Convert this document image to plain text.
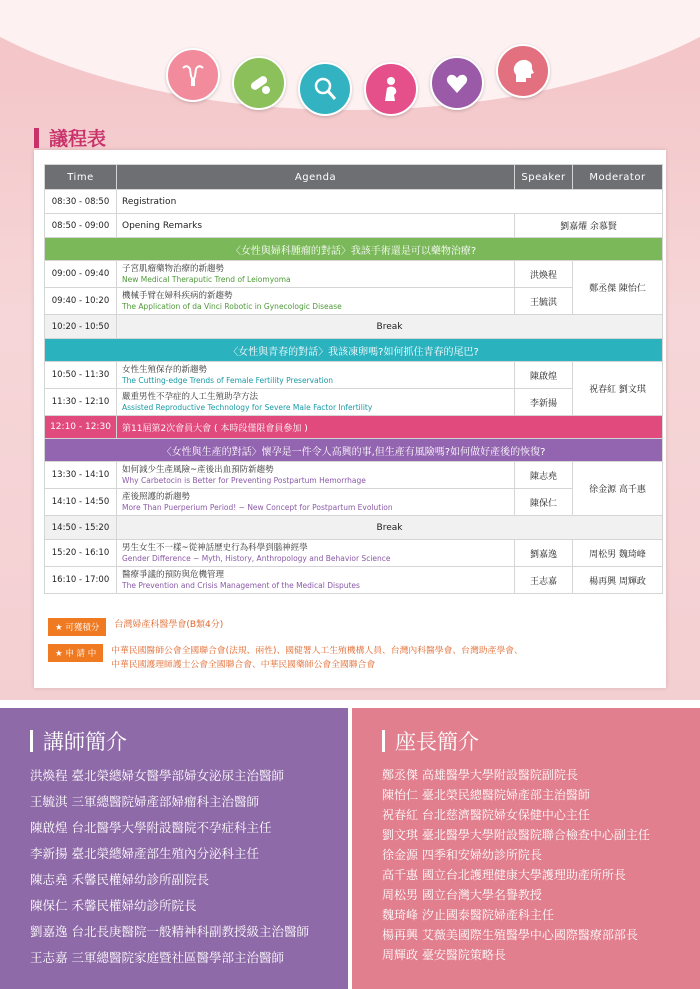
議程表
Time	Agenda	Speaker	Moderator
08:30 - 08:50	Registration		
08:50 - 09:00	Opening Remarks	劉嘉燿 余慕賢	
〈女性與婦科腫瘤的對話〉我該手術還是可以藥物治療?			
09:00 - 09:40	子宮肌瘤藥物治療的新趨勢
New Medical Theraputic Trend of Leiomyoma	洪煥程	鄭丞傑 陳怡仁
09:40 - 10:20	機械手臂在婦科疾病的新趨勢
The Application of da Vinci Robotic in Gynecologic Disease	王毓淇	
10:20 - 10:50	Break		
〈女性與青春的對話〉我該凍卵嗎?如何抓住青春的尾巴?			
10:50 - 11:30	女性生殖保存的新趨勢
The Cutting-edge Trends of Female Fertility Preservation	陳啟煌	祝春紅 劉文琪
11:30 - 12:10	嚴重男性不孕症的人工生殖助孕方法
Assisted Reproductive Technology for Severe Male Factor Infertility	李新揚	
12:10 - 12:30	第11屆第2次會員大會 ( 本時段僅限會員參加 )		
〈女性與生產的對話〉懷孕是一件令人高興的事,但生產有風險嗎?如何做好產後的恢復?			
13:30 - 14:10	如何減少生產風險~產後出血預防新趨勢
Why Carbetocin is Better for Preventing Postpartum Hemorrhage	陳志堯	徐金源 高千惠
14:10 - 14:50	產後照護的新趨勢
More Than Puerperium Period! ~ New Concept for Postpartum Evolution	陳保仁	
14:50 - 15:20	Break		
15:20 - 16:10	男生女生不一樣~從神話歷史行為科學到腦神經學
Gender Difference ~ Myth, History, Anthropology and Behavior Science	劉嘉逸	周松男 魏琦峰
16:10 - 17:00	醫療爭議的預防與危機管理
The Prevention and Crisis Management of the Medical Disputes	王志嘉	楊再興 周輝政
★ 可獲積分 台灣婦產科醫學會(B類4分)
★ 申 請 中 中華民國醫師公會全國聯合會(法規、兩性)、國健署人工生殖機構人員、台灣內科醫學會、台灣助產學會、
中華民國護理師護士公會全國聯合會、中華民國藥師公會全國聯合會
講師簡介
洪煥程 臺北榮總婦女醫學部婦女泌尿主治醫師
王毓淇 三軍總醫院婦產部婦瘤科主治醫師
陳啟煌 台北醫學大學附設醫院不孕症科主任
李新揚 臺北榮總婦產部生殖內分泌科主任
陳志堯 禾馨民權婦幼診所副院長
陳保仁 禾馨民權婦幼診所院長
劉嘉逸 台北長庚醫院一般精神科副教授級主治醫師
王志嘉 三軍總醫院家庭暨社區醫學部主治醫師
座長簡介
鄭丞傑 高雄醫學大學附設醫院副院長
陳怡仁 臺北榮民總醫院婦產部主治醫師
祝春紅 台北慈濟醫院婦女保健中心主任
劉文琪 臺北醫學大學附設醫院聯合檢查中心副主任
徐金源 四季和安婦幼診所院長
高千惠 國立台北護理健康大學護理助產所所長
周松男 國立台灣大學名譽教授
魏琦峰 汐止國泰醫院婦產科主任
楊再興 艾薇美國際生殖醫學中心國際醫療部部長
周輝政 臺安醫院策略長
